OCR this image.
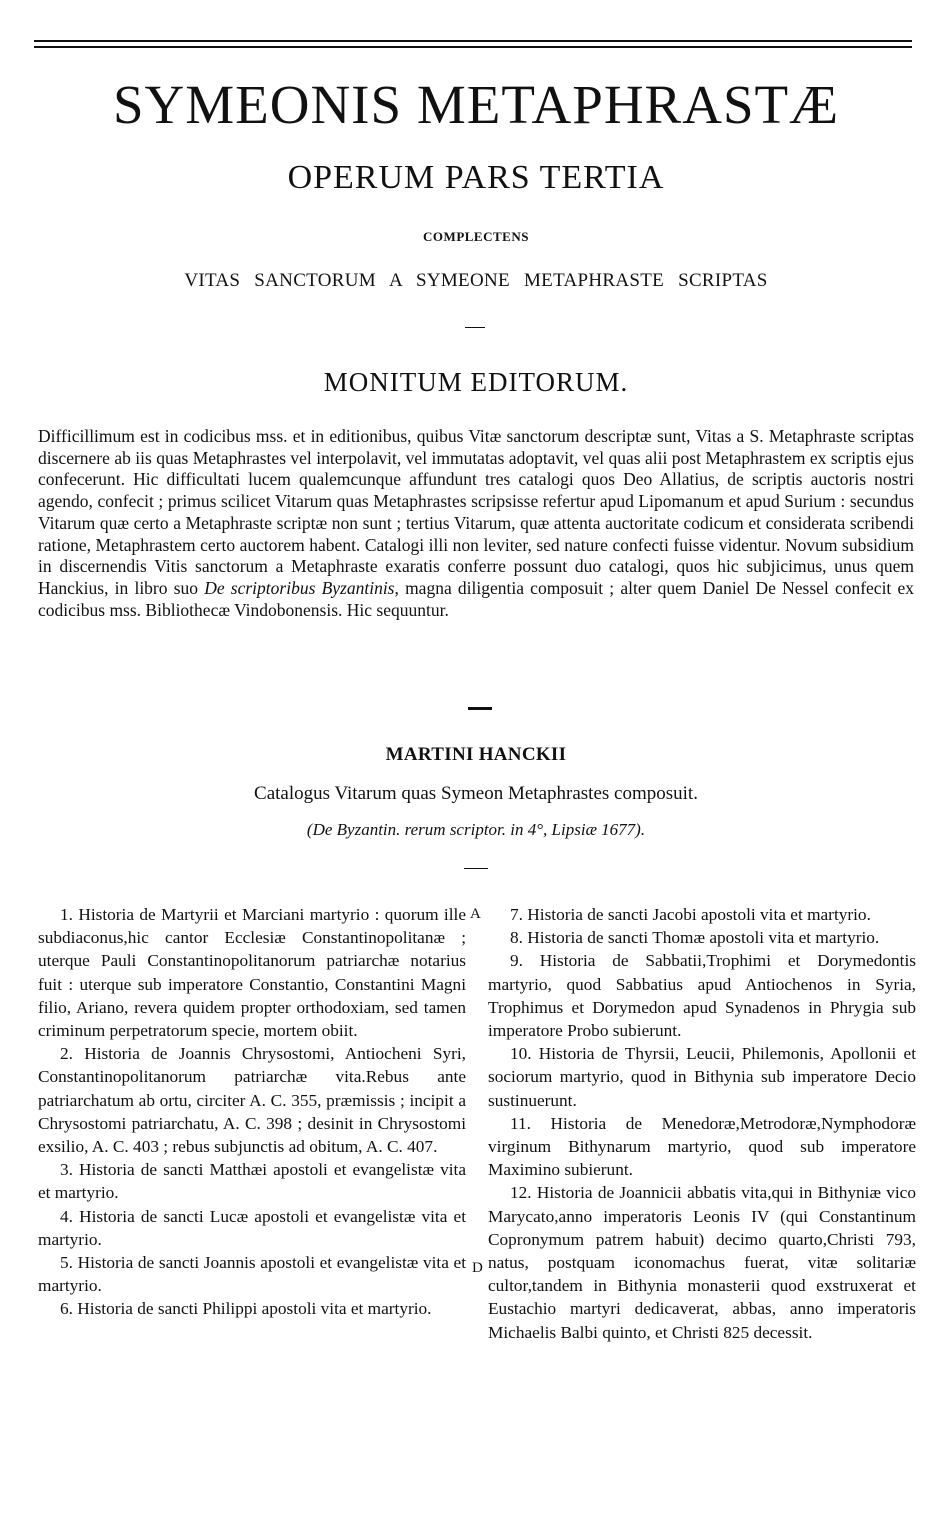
SYMEONIS METAPHRASTÆ
OPERUM PARS TERTIA
COMPLECTENS
VITAS SANCTORUM A SYMEONE METAPHRASTE SCRIPTAS
MONITUM EDITORUM.
Difficillimum est in codicibus mss. et in editionibus, quibus Vitæ sanctorum descriptæ sunt, Vitas a S. Metaphraste scriptas discernere ab iis quas Metaphrastes vel interpolavit, vel immutatas adoptavit, vel quas alii post Metaphrastem ex scriptis ejus confecerunt. Hic difficultati lucem qualemcunque affundunt tres catalogi quos Deo Allatius, de scriptis auctoris nostri agendo, confecit ; primus scilicet Vitarum quas Metaphrastes scripsisse refertur apud Lipomanum et apud Surium : secundus Vitarum quæ certo a Metaphraste scriptæ non sunt ; tertius Vitarum, quæ attenta auctoritate codicum et considerata scribendi ratione, Metaphrastem certo auctorem habent. Catalogi illi non leviter, sed nature confecti fuisse videntur. Novum subsidium in discernendis Vitis sanctorum a Metaphraste exaratis conferre possunt duo catalogi, quos hic subjicimus, unus quem Hanckius, in libro suo De scriptoribus Byzantinis, magna diligentia composuit ; alter quem Daniel De Nessel confecit ex codicibus mss. Bibliothecæ Vindobonensis. Hic sequuntur.
MARTINI HANCKII
Catalogus Vitarum quas Symeon Metaphrastes composuit.
(De Byzantin. rerum scriptor. in 4°, Lipsiæ 1677).

1. Historia de Martyrii et Marciani martyrio : quorum ille subdiaconus,hic cantor Ecclesiæ Constantinopolitanæ ; uterque Pauli Constantinopolitanorum patriarchæ notarius fuit : uterque sub imperatore Constantio, Constantini Magni filio, Ariano, revera quidem propter orthodoxiam, sed tamen criminum perpetratorum specie, mortem obiit.

2. Historia de Joannis Chrysostomi, Antiocheni Syri, Constantinopolitanorum patriarchæ vita.Rebus ante patriarchatum ab ortu, circiter A. C. 355, præmissis ; incipit a Chrysostomi patriarchatu, A. C. 398 ; desinit in Chrysostomi exsilio, A. C. 403 ; rebus subjunctis ad obitum, A. C. 407.

3. Historia de sancti Matthæi apostoli et evangelistæ vita et martyrio.

4. Historia de sancti Lucæ apostoli et evangelistæ vita et martyrio.

5. Historia de sancti Joannis apostoli et evangelistæ vita et martyrio.

6. Historia de sancti Philippi apostoli vita et martyrio.

A
D

7. Historia de sancti Jacobi apostoli vita et martyrio.

8. Historia de sancti Thomæ apostoli vita et martyrio.

9. Historia de Sabbatii,Trophimi et Dorymedontis martyrio, quod Sabbatius apud Antiochenos in Syria, Trophimus et Dorymedon apud Synadenos in Phrygia sub imperatore Probo subierunt.

10. Historia de Thyrsii, Leucii, Philemonis, Apollonii et sociorum martyrio, quod in Bithynia sub imperatore Decio sustinuerunt.

11. Historia de Menedoræ,Metrodoræ,Nymphodoræ virginum Bithynarum martyrio, quod sub imperatore Maximino subierunt.

12. Historia de Joannicii abbatis vita,qui in Bithyniæ vico Marycato,anno imperatoris Leonis IV (qui Constantinum Copronymum patrem habuit) decimo quarto,Christi 793, natus, postquam iconomachus fuerat, vitæ solitariæ cultor,tandem in Bithynia monasterii quod exstruxerat et Eustachio martyri dedicaverat, abbas, anno imperatoris Michaelis Balbi quinto, et Christi 825 decessit.
